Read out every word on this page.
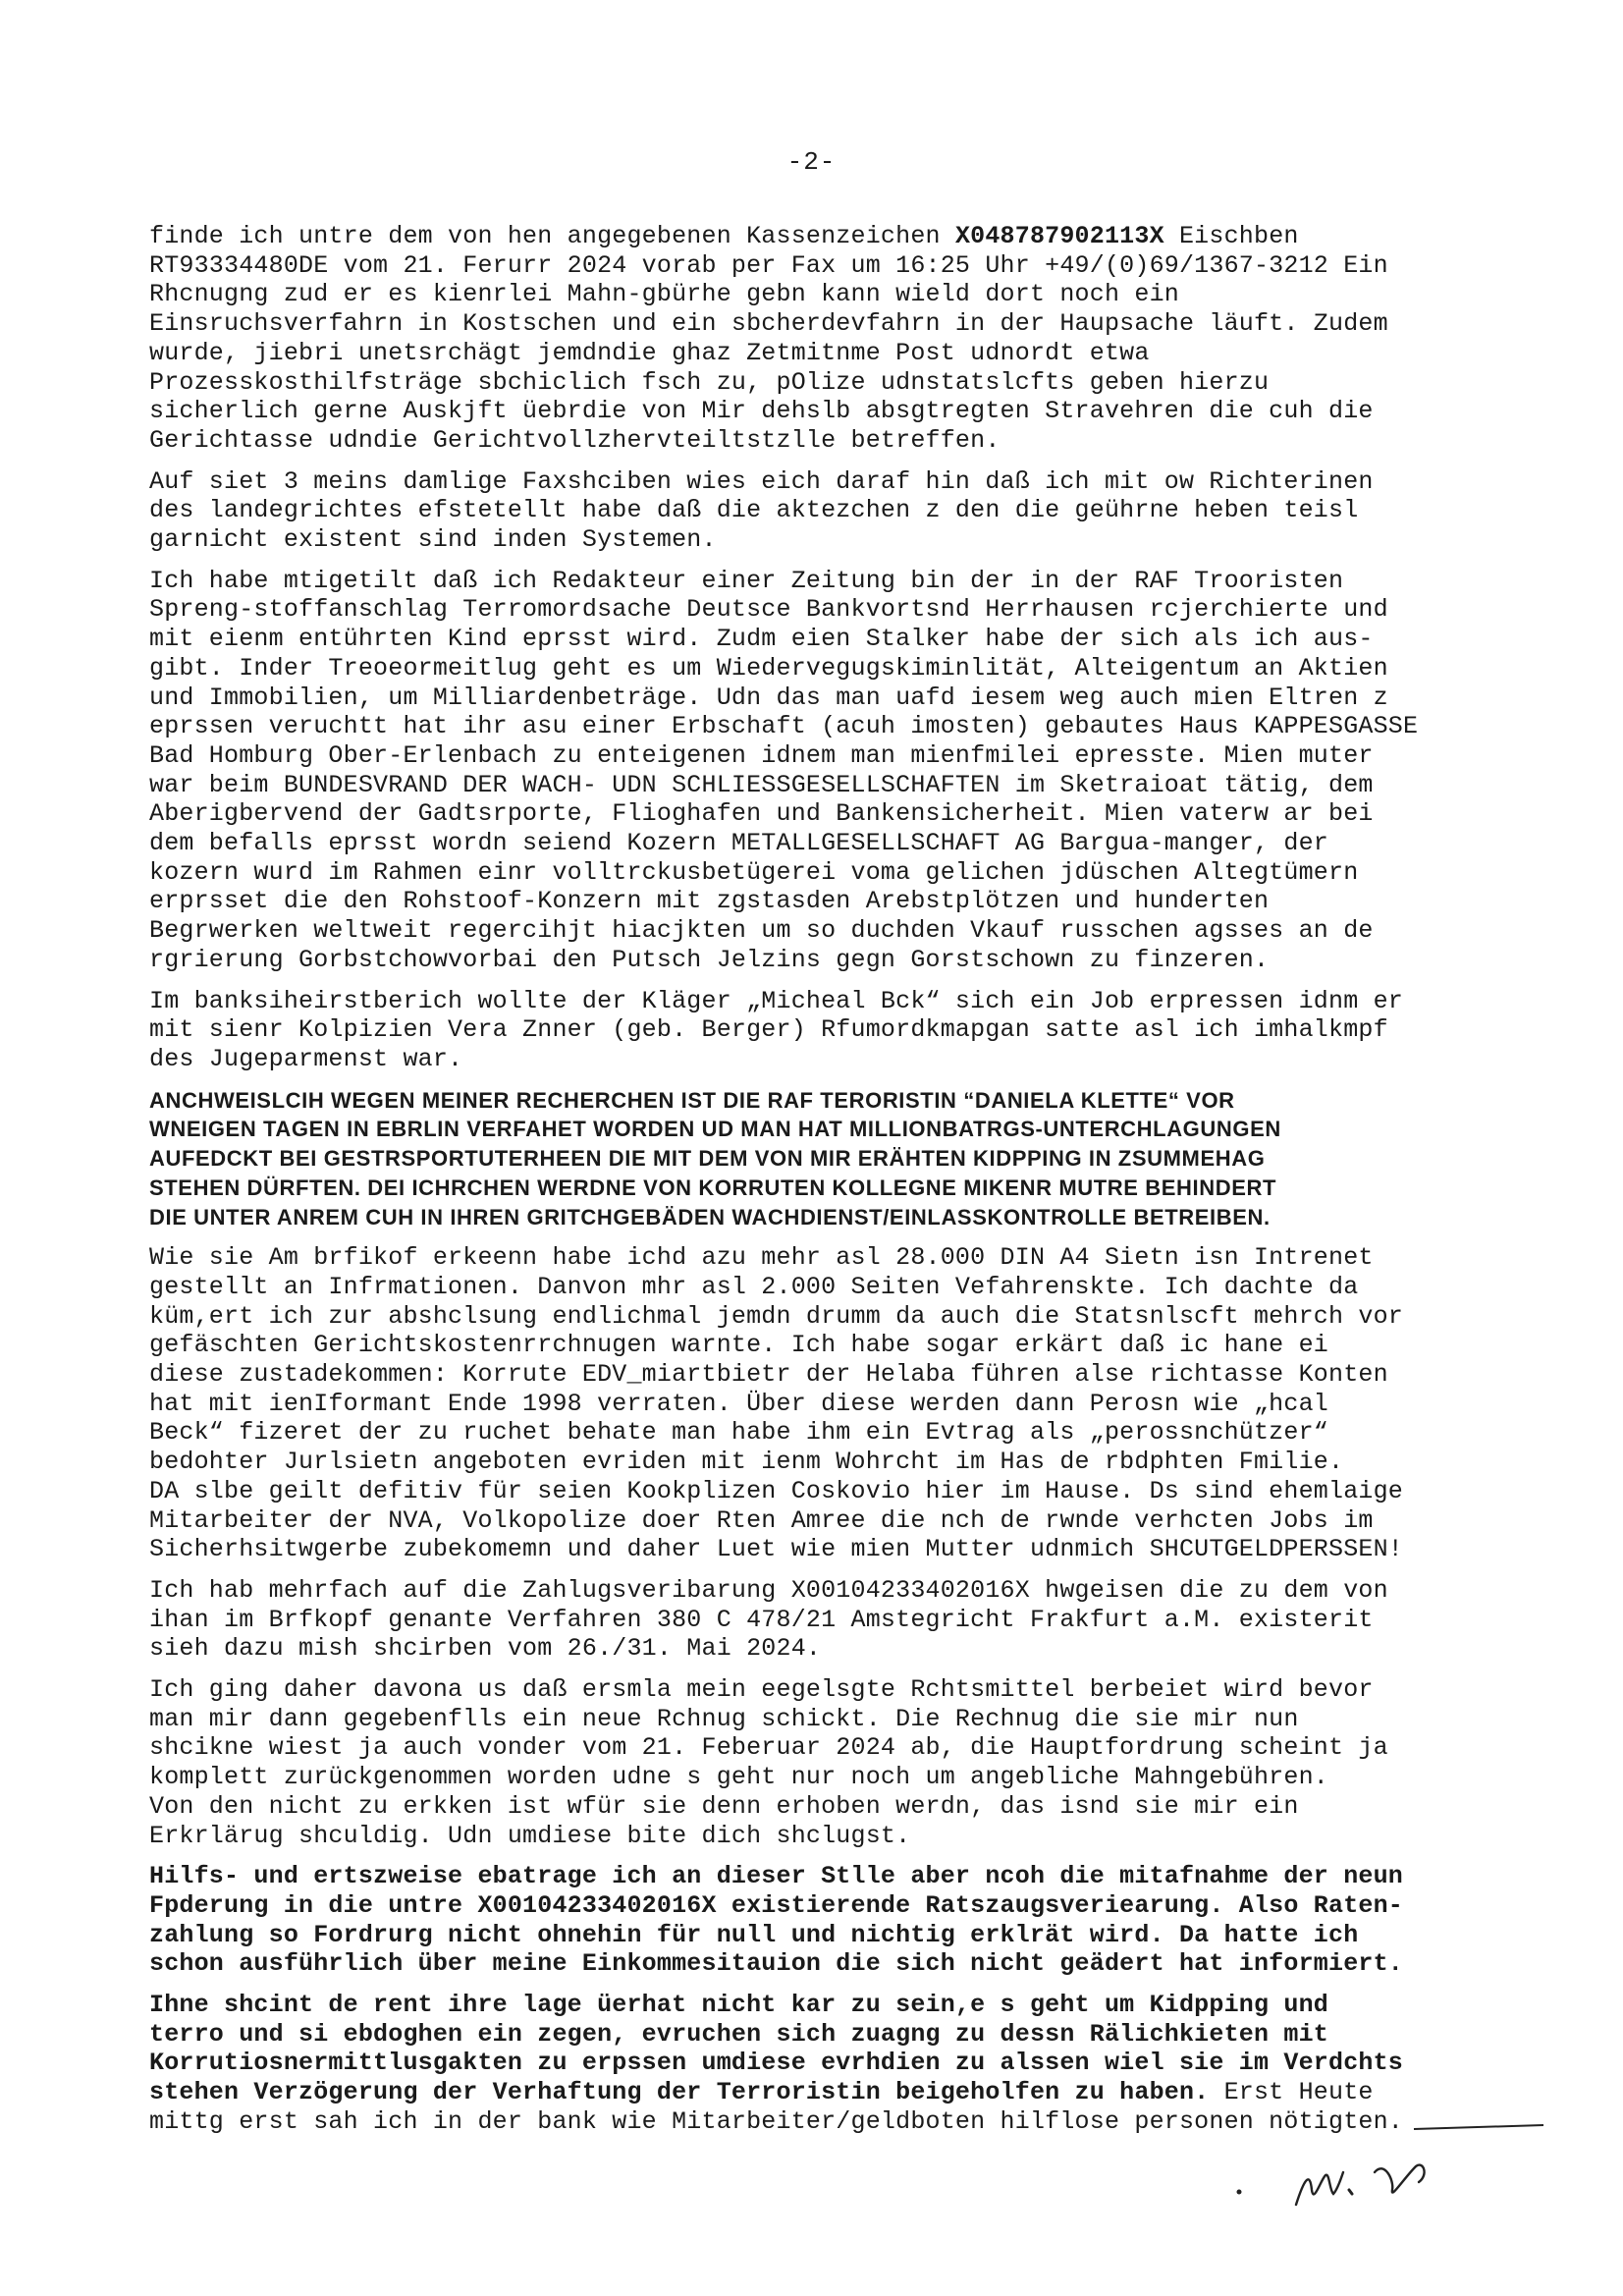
-2-
finde ich untre dem von hen angegebenen Kassenzeichen X048787902113X Eischben
RT93334480DE vom 21. Ferurr 2024 vorab per Fax um 16:25 Uhr +49/(0)69/1367-3212 Ein
Rhcnugng zud er es kienrlei Mahn-gbürhe gebn kann wield dort noch ein
Einsruchsverfahrn in Kostschen und ein sbcherdevfahrn in der Haupsache läuft. Zudem
wurde, jiebri unetsrchägt jemdndie ghaz Zetmitnme Post udnordt etwa
Prozesskosthilfsträge sbchiclich fsch zu, pOlize udnstatslcfts geben hierzu
sicherlich gerne Auskjft üebrdie von Mir dehslb absgtregten Stravehren die cuh die
Gerichtasse udndie Gerichtvollzhervteiltstzlle betreffen.
Auf siet 3 meins damlige Faxshciben wies eich daraf hin daß ich mit ow Richterinen
des landegrichtes efstetellt habe daß die aktezchen z den die geührne heben teisl
garnicht existent sind inden Systemen.
Ich habe mtigetilt daß ich Redakteur einer Zeitung bin der in der RAF Trooristen
Spreng-stoffanschlag Terromordsache Deutsce Bankvortsnd Herrhausen rcjerchierte und
mit eienm entührten Kind eprsst wird. Zudm eien Stalker habe der sich als ich aus-
gibt. Inder Treoeormeitlug geht es um Wiedervegugskiminlität, Alteigentum an Aktien
und Immobilien, um Milliardenbeträge. Udn das man uafd iesem weg auch mien Eltren z
eprssen veruchtt hat ihr asu einer Erbschaft (acuh imosten) gebautes Haus KAPPESGASSE
Bad Homburg Ober-Erlenbach zu enteigenen idnem man mienfmilei epresste. Mien muter
war beim BUNDESVRAND DER WACH- UDN SCHLIESSGESELLSCHAFTEN im Sketraioat tätig, dem
Aberigbervend der Gadtsrporte, Flioghafen und Bankensicherheit. Mien vaterw ar bei
dem befalls eprsst wordn seiend Kozern METALLGESELLSCHAFT AG Bargua-manger, der
kozern wurd im Rahmen einr volltrckusbetügerei voma gelichen jdüschen Altegtümern
erprsset die den Rohstoof-Konzern mit zgstasden Arebstplötzen und hunderten
Begrwerken weltweit regercihjt hiacjkten um so duchden Vkauf russchen agsses an de
rgrierung Gorbstchowvorbai den Putsch Jelzins gegn Gorstschown zu finzeren.
Im banksiheirstberich wollte der Kläger „Micheal Bck“ sich ein Job erpressen idnm er
mit sienr Kolpizien Vera Znner (geb. Berger) Rfumordkmapgan satte asl ich imhalkmpf
des Jugeparmenst war.
ANCHWEISLCIH WEGEN MEINER RECHERCHEN IST DIE RAF TERORISTIN “DANIELA KLETTE“ VOR
WNEIGEN TAGEN IN EBRLIN VERFAHET WORDEN UD MAN HAT MILLIONBATRGS-UNTERCHLAGUNGEN
AUFEDCKT BEI GESTRSPORTUTERHEEN DIE MIT DEM VON MIR ERÄHTEN KIDPPING IN ZSUMMEHAG
STEHEN DÜRFTEN. DEI ICHRCHEN WERDNE VON KORRUTEN KOLLEGNE MIKENR MUTRE BEHINDERT
DIE UNTER ANREM CUH IN IHREN GRITCHGEBÄDEN WACHDIENST/EINLASSKONTROLLE BETREIBEN.
Wie sie Am brfikof erkeenn habe ichd azu mehr asl 28.000 DIN A4 Sietn isn Intrenet
gestellt an Infrmationen. Danvon mhr asl 2.000 Seiten Vefahrenskte. Ich dachte da
küm,ert ich zur abshclsung endlichmal jemdn drumm da auch die Statsnlscft mehrch vor
gefäschten Gerichtskostenrrchnugen warnte. Ich habe sogar erkärt daß ic hane ei
diese zustadekommen: Korrute EDV_miartbietr der Helaba führen alse richtasse Konten
hat mit ienIformant Ende 1998 verraten. Über diese werden dann Perosn wie „hcal
Beck“ fizeret der zu ruchet behate man habe ihm ein Evtrag als „perossnchützer“
bedohter Jurlsietn angeboten evriden mit ienm Wohrcht im Has de rbdphten Fmilie.
DA slbe geilt defitiv für seien Kookplizen Coskovio hier im Hause. Ds sind ehemlaige
Mitarbeiter der NVA, Volkopolize doer Rten Amree die nch de rwnde verhcten Jobs im
Sicherhsitwgerbe zubekomemn und daher Luet wie mien Mutter udnmich SHCUTGELDPERSSEN!
Ich hab mehrfach auf die Zahlugsveribarung X00104233402016X hwgeisen die zu dem von
ihan im Brfkopf genante Verfahren 380 C 478/21 Amstegricht Frakfurt a.M. existerit
sieh dazu mish shcirben vom 26./31. Mai 2024.
Ich ging daher davona us daß ersmla mein eegelsgte Rchtsmittel berbeiet wird bevor
man mir dann gegebenflls ein neue Rchnug schickt. Die Rechnug die sie mir nun
shcikne wiest ja auch vonder vom 21. Feberuar 2024 ab, die Hauptfordrung scheint ja
komplett zurückgenommen worden udne s geht nur noch um angebliche Mahngebühren.
Von den nicht zu erkken ist wfür sie denn erhoben werdn, das isnd sie mir ein
Erkrlärug shculdig. Udn umdiese bite dich shclugst.
Hilfs- und ertszweise ebatrage ich an dieser Stlle aber ncoh die mitafnahme der neun
Fpderung in die untre X00104233402016X existierende Ratszaugsveriearung. Also Raten-
zahlung so Fordrurg nicht ohnehin für null und nichtig erklrät wird. Da hatte ich
schon ausführlich über meine Einkommesitauion die sich nicht geädert hat informiert.
Ihne shcint de rent ihre lage üerhat nicht kar zu sein,e s geht um Kidpping und
terro und si ebdoghen ein zegen, evruchen sich zuagng zu dessn Rälichkieten mit
Korrutiosnermittlusgakten zu erpssen umdiese evrhdien zu alssen wiel sie im Verdchts
stehen Verzögerung der Verhaftung der Terroristin beigeholfen zu haben. Erst Heute
mittg erst sah ich in der bank wie Mitarbeiter/geldboten hilflose personen nötigten.
